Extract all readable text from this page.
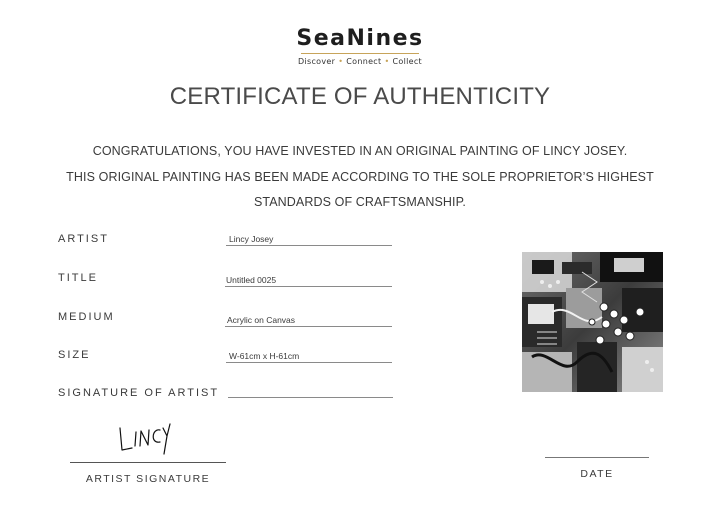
SeaNines
Discover • Connect • Collect
CERTIFICATE OF AUTHENTICITY
CONGRATULATIONS, YOU HAVE INVESTED IN AN ORIGINAL PAINTING OF LINCY JOSEY.
THIS ORIGINAL PAINTING HAS BEEN MADE ACCORDING TO THE SOLE PROPRIETOR’S HIGHEST
STANDARDS OF CRAFTSMANSHIP.
ARTIST	Lincy Josey
TITLE	Untitled 0025
MEDIUM	Acrylic on Canvas
SIZE	W-61cm x H-61cm
SIGNATURE OF ARTIST
ARTIST SIGNATURE	DATE
